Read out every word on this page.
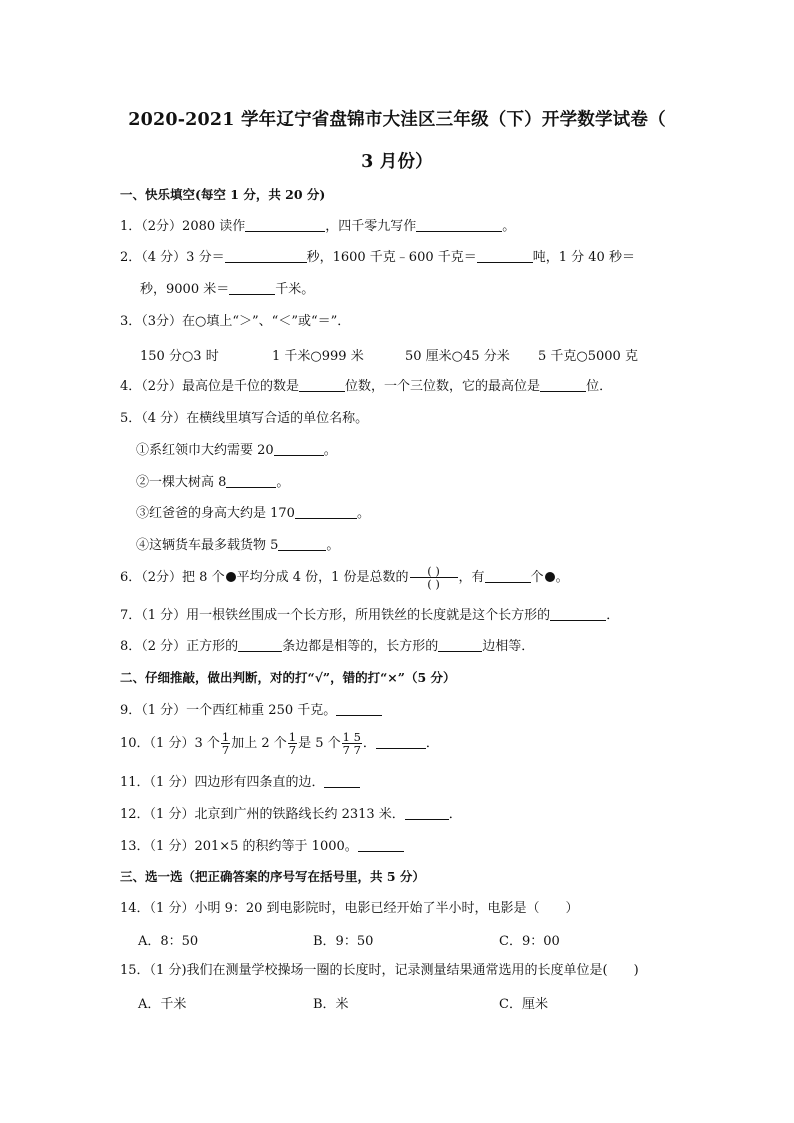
2020-2021 学年辽宁省盘锦市大洼区三年级（下）开学数学试卷（
3 月份）
一、快乐填空(每空 1 分，共 20 分)
1．（2分）2080 读作	，四千零九写作	。
2．（4 分）3 分＝	秒，1600 千克﹣600 千克＝	吨，1 分 40 秒＝
秒，9000 米＝	千米。
3．（3分）在○填上“＞”、“＜”或“＝”．
150 分○3 时	1 千米○999 米	50 厘米○45 分米 5 千克○5000 克
4．（2分）最高位是千位的数是	位数，一个三位数，它的最高位是	位．
5．（4 分）在横线里填写合适的单位名称。
①系红领巾大约需要 20	。
②一棵大树高 8	。
③红爸爸的身高大约是 170	。
④这辆货车最多载货物 5	。
6．（2分）把 8 个 平均分成 4 份，1 份是总数的 $\frac{( )}{( )}$ ，有	个 。
7．（1 分）用一根铁丝围成一个长方形，所用铁丝的长度就是这个长方形的	．
8．（2 分）正方形的	条边都是相等的，长方形的	边相等．
二、仔细推敲，做出判断，对的打“√”，错的打“×”（5 分）
9．（1 分）一个西红柿重 250 千克。
10．（1 分）3 个 $\frac{1}{7}$ 加上 2 个 $\frac{1}{7}$ 是 5 个 $\frac{1 5}{7 7}$ ．	．
11．（1 分）四边形有四条直的边．
12．（1 分）北京到广州的铁路线长约 2313 米．	．
13．（1 分）201×5 的积约等于 1000。
三、选一选（把正确答案的序号写在括号里，共 5 分）
14．（1 分）小明 9：20 到电影院时，电影已经开始了半小时，电影是（　　）
A．8：50	B．9：50	C．9：00
15．（1 分)我们在测量学校操场一圈的长度时，记录测量结果通常选用的长度单位是(　　)
A．千米	B．米	C．厘米
